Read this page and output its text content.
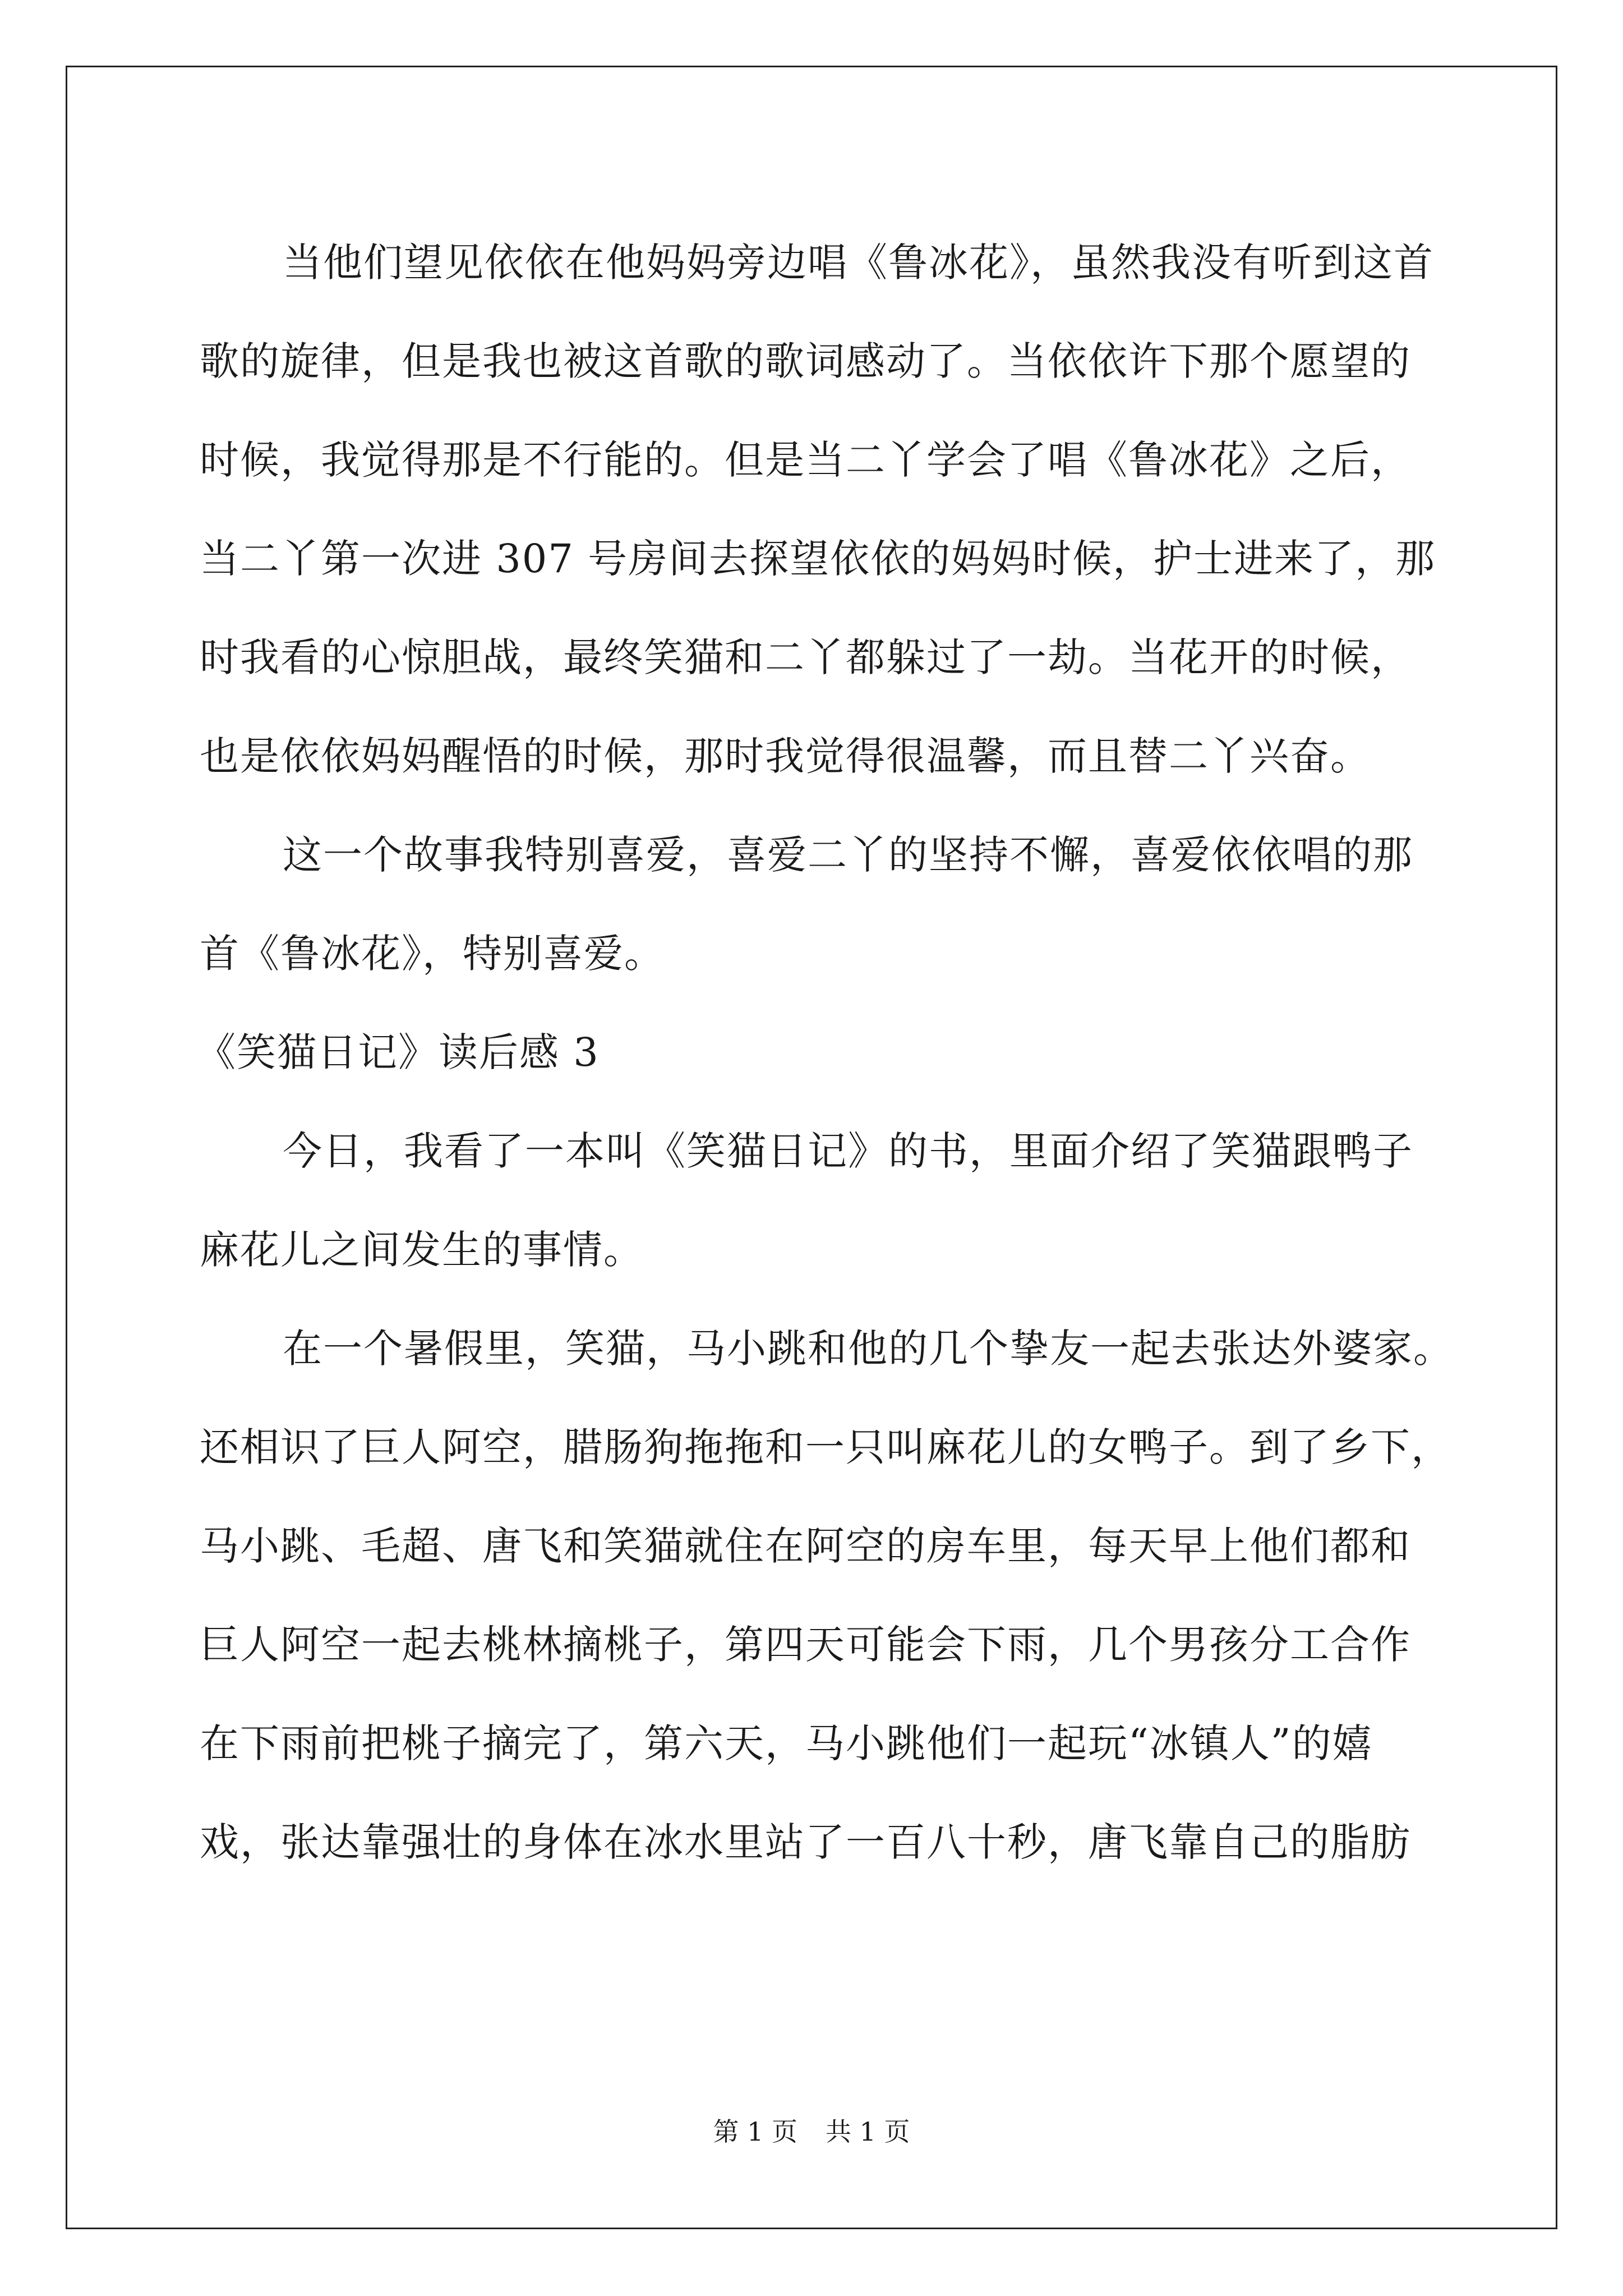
当他们望见依依在他妈妈旁边唱《鲁冰花》，虽然我没有听到这首
歌的旋律，但是我也被这首歌的歌词感动了。当依依许下那个愿望的
时候，我觉得那是不行能的。但是当二丫学会了唱《鲁冰花》之后，
当二丫第一次进 307 号房间去探望依依的妈妈时候，护士进来了，那
时我看的心惊胆战，最终笑猫和二丫都躲过了一劫。当花开的时候，
也是依依妈妈醒悟的时候，那时我觉得很温馨，而且替二丫兴奋。
这一个故事我特别喜爱，喜爱二丫的坚持不懈，喜爱依依唱的那
首《鲁冰花》，特别喜爱。
《笑猫日记》读后感 3
今日，我看了一本叫《笑猫日记》的书，里面介绍了笑猫跟鸭子
麻花儿之间发生的事情。
在一个暑假里，笑猫，马小跳和他的几个挚友一起去张达外婆家。
还相识了巨人阿空，腊肠狗拖拖和一只叫麻花儿的女鸭子。到了乡下，
马小跳、毛超、唐飞和笑猫就住在阿空的房车里，每天早上他们都和
巨人阿空一起去桃林摘桃子，第四天可能会下雨，几个男孩分工合作
在下雨前把桃子摘完了，第六天，马小跳他们一起玩“冰镇人”的嬉
戏，张达靠强壮的身体在冰水里站了一百八十秒，唐飞靠自己的脂肪
第 1 页 共 1 页
